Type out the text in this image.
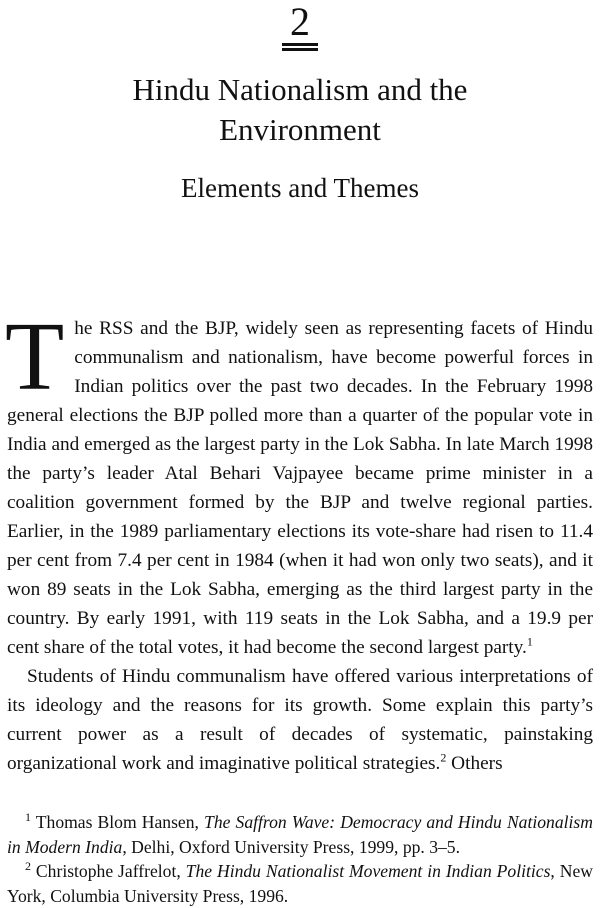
2
Hindu Nationalism and the
Environment
Elements and Themes

The RSS and the BJP, widely seen as representing facets of Hindu communalism and nationalism, have become powerful forces in Indian politics over the past two decades. In the February 1998 general elections the BJP polled more than a quarter of the popular vote in India and emerged as the largest party in the Lok Sabha. In late March 1998 the party’s leader Atal Behari Vajpayee became prime minister in a coalition government formed by the BJP and twelve regional parties. Earlier, in the 1989 parliamentary elections its vote-share had risen to 11.4 per cent from 7.4 per cent in 1984 (when it had won only two seats), and it won 89 seats in the Lok Sabha, emerging as the third largest party in the country. By early 1991, with 119 seats in the Lok Sabha, and a 19.9 per cent share of the total votes, it had become the second largest party.$^1$

Students of Hindu communalism have offered various interpretations of its ideology and the reasons for its growth. Some explain this party’s current power as a result of decades of systematic, painstaking organizational work and imaginative political strategies.$^2$ Others

$^1$ Thomas Blom Hansen, The Saffron Wave: Democracy and Hindu Nationalism in Modern India, Delhi, Oxford University Press, 1999, pp. 3–5.

$^2$ Christophe Jaffrelot, The Hindu Nationalist Movement in Indian Politics, New York, Columbia University Press, 1996.
